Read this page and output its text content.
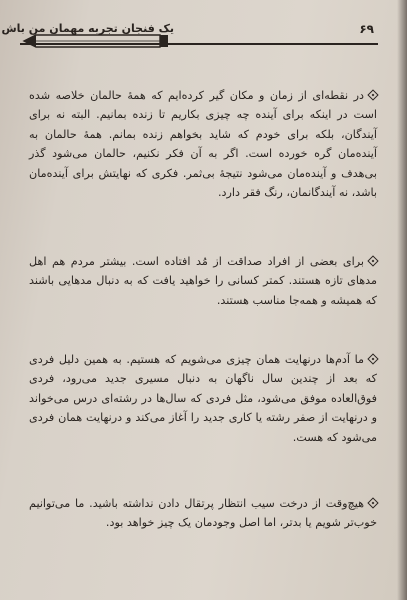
۶۹
یک فنجان تجربه مهمان من باش
در نقطه‌ای از زمان و مکان گیر کرده‌ایم که همهٔ حالمان خلاصه شده است در اینکه برای آینده چه چیزی بکاریم تا زنده بمانیم. البته نه برای آیندگان، بلکه برای خودم که شاید بخواهم زنده بمانم. همهٔ حالمان به آینده‌مان گره خورده است. اگر به آن فکر نکنیم، حالمان می‌شود گذر بی‌هدف و آینده‌مان می‌شود نتیجهٔ بی‌ثمر. فکری که نهایتش برای آینده‌مان باشد، نه آیندگانمان، رنگ فقر دارد.
برای بعضی از افراد صداقت از مُد افتاده است. بیشتر مردم هم اهل مدهای تازه هستند. کمتر کسانی را خواهید یافت که به دنبال مدهایی باشند که همیشه و همه‌جا مناسب هستند.
ما آدم‌ها درنهایت همان چیزی می‌شویم که هستیم. به همین دلیل فردی که بعد از چندین سال ناگهان به دنبال مسیری جدید می‌رود، فردی فوق‌العاده موفق می‌شود، مثل فردی که سال‌ها در رشته‌ای درس می‌خواند و درنهایت از صفر رشته یا کاری جدید را آغاز می‌کند و درنهایت همان فردی می‌شود که هست.
هیچ‌وقت از درخت سیب انتظار پرتقال دادن نداشته باشید. ما می‌توانیم خوب‌تر شویم یا بدتر، اما اصل وجودمان یک چیز خواهد بود.
